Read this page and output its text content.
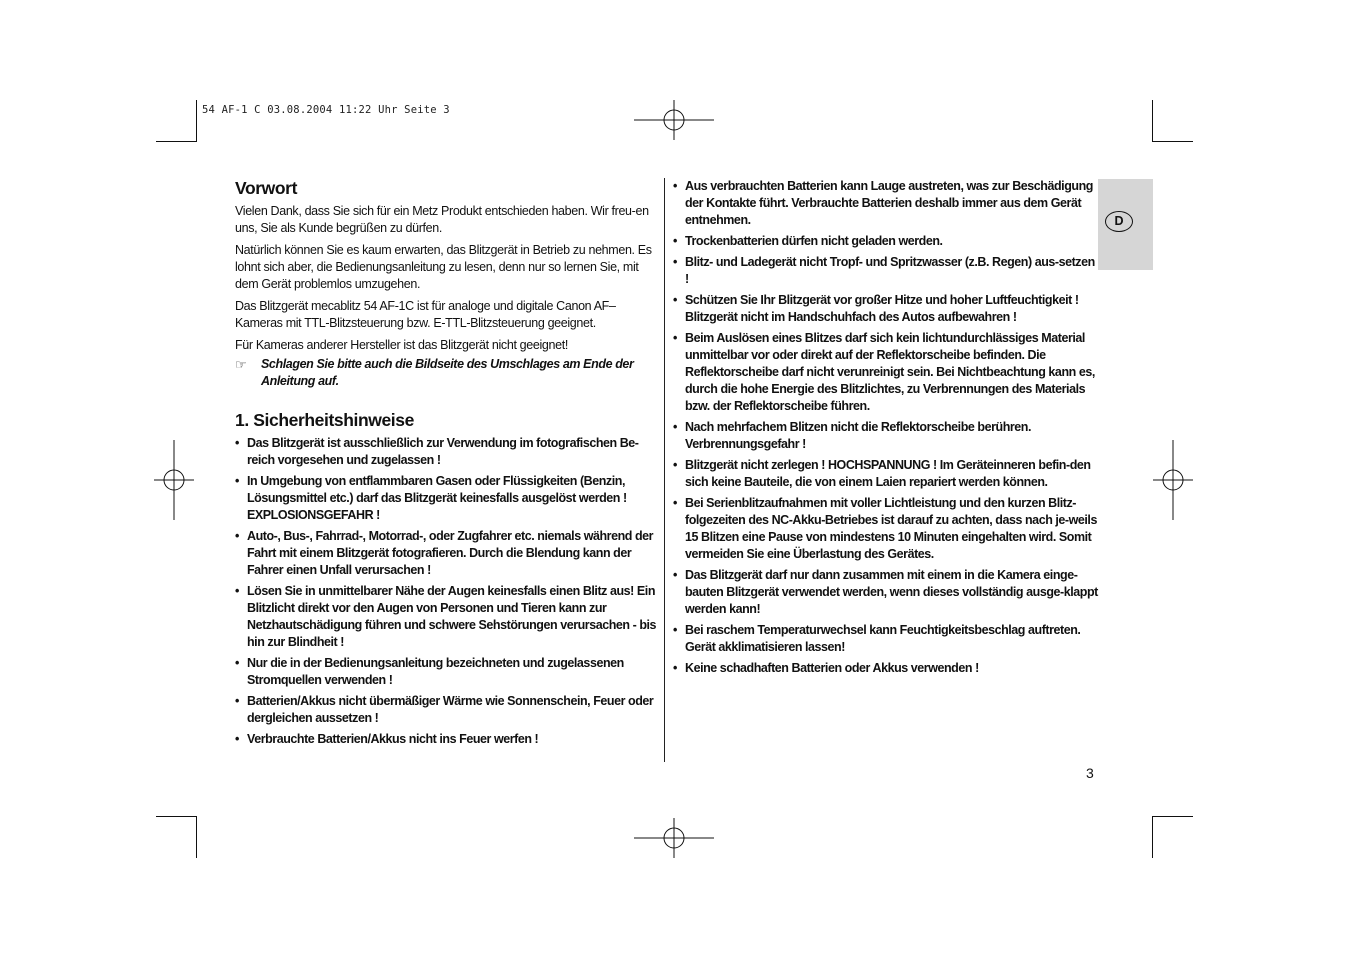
54 AF-1 C 03.08.2004 11:22 Uhr Seite 3
Vorwort

Vielen Dank, dass Sie sich für ein Metz Produkt entschieden haben. Wir freu-en uns, Sie als Kunde begrüßen zu dürfen.

Natürlich können Sie es kaum erwarten, das Blitzgerät in Betrieb zu nehmen. Es lohnt sich aber, die Bedienungsanleitung zu lesen, denn nur so lernen Sie, mit dem Gerät problemlos umzugehen.

Das Blitzgerät mecablitz 54 AF-1C ist für analoge und digitale Canon AF–Kameras mit TTL-Blitzsteuerung bzw. E-TTL-Blitzsteuerung geeignet.

Für Kameras anderer Hersteller ist das Blitzgerät nicht geeignet!

☞	Schlagen Sie bitte auch die Bildseite des Umschlages am Ende der Anleitung auf.
1. Sicherheitshinweise
• Das Blitzgerät ist ausschließlich zur Verwendung im fotografischen Be-reich vorgesehen und zugelassen !
• In Umgebung von entflammbaren Gasen oder Flüssigkeiten (Benzin, Lösungsmittel etc.) darf das Blitzgerät keinesfalls ausgelöst werden ! EXPLOSIONSGEFAHR !
• Auto-, Bus-, Fahrrad-, Motorrad-, oder Zugfahrer etc. niemals während der Fahrt mit einem Blitzgerät fotografieren. Durch die Blendung kann der Fahrer einen Unfall verursachen !
• Lösen Sie in unmittelbarer Nähe der Augen keinesfalls einen Blitz aus! Ein Blitzlicht direkt vor den Augen von Personen und Tieren kann zur Netzhautschädigung führen und schwere Sehstörungen verursachen - bis hin zur Blindheit !
• Nur die in der Bedienungsanleitung bezeichneten und zugelassenen Stromquellen verwenden !
• Batterien/Akkus nicht übermäßiger Wärme wie Sonnenschein, Feuer oder dergleichen aussetzen !
• Verbrauchte Batterien/Akkus nicht ins Feuer werfen !
• Aus verbrauchten Batterien kann Lauge austreten, was zur Beschädigung der Kontakte führt. Verbrauchte Batterien deshalb immer aus dem Gerät entnehmen.
• Trockenbatterien dürfen nicht geladen werden.
• Blitz- und Ladegerät nicht Tropf- und Spritzwasser (z.B. Regen) aus-setzen !
• Schützen Sie Ihr Blitzgerät vor großer Hitze und hoher Luftfeuchtigkeit ! Blitzgerät nicht im Handschuhfach des Autos aufbewahren !
• Beim Auslösen eines Blitzes darf sich kein lichtundurchlässiges Material unmittelbar vor oder direkt auf der Reflektorscheibe befinden. Die Reflektorscheibe darf nicht verunreinigt sein. Bei Nichtbeachtung kann es, durch die hohe Energie des Blitzlichtes, zu Verbrennungen des Materials bzw. der Reflektorscheibe führen.
• Nach mehrfachem Blitzen nicht die Reflektorscheibe berühren. Verbrennungsgefahr !
• Blitzgerät nicht zerlegen ! HOCHSPANNUNG ! Im Geräteinneren befin-den sich keine Bauteile, die von einem Laien repariert werden können.
• Bei Serienblitzaufnahmen mit voller Lichtleistung und den kurzen Blitz-folgezeiten des NC-Akku-Betriebes ist darauf zu achten, dass nach je-weils 15 Blitzen eine Pause von mindestens 10 Minuten eingehalten wird. Somit vermeiden Sie eine Überlastung des Gerätes.
• Das Blitzgerät darf nur dann zusammen mit einem in die Kamera einge-bauten Blitzgerät verwendet werden, wenn dieses vollständig ausge-klappt werden kann!
• Bei raschem Temperaturwechsel kann Feuchtigkeitsbeschlag auftreten. Gerät akklimatisieren lassen!
• Keine schadhaften Batterien oder Akkus verwenden !
D
3
